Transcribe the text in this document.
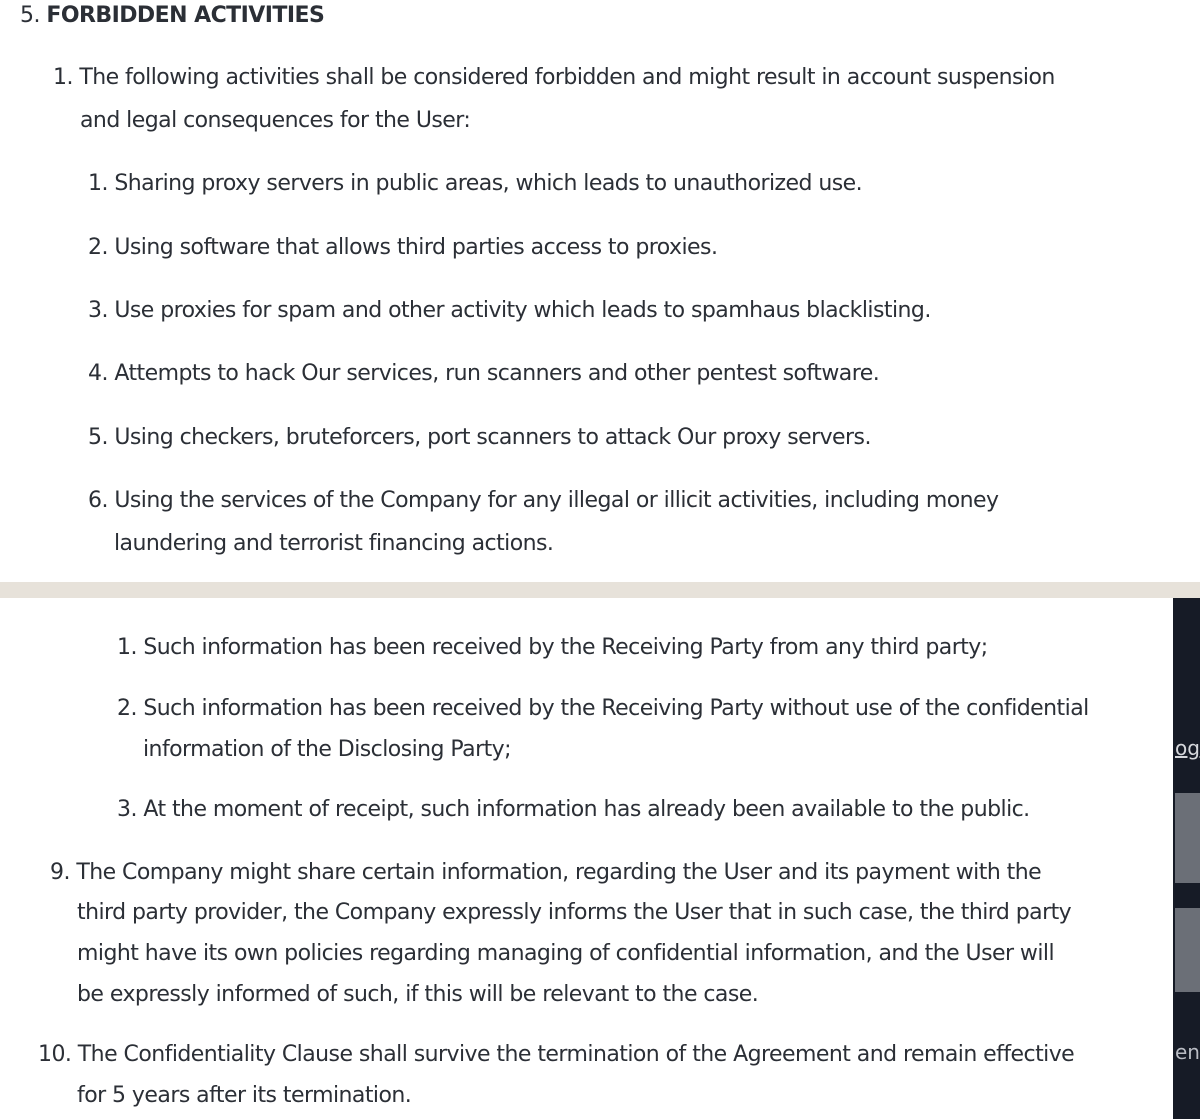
5. FORBIDDEN ACTIVITIES
1. The following activities shall be considered forbidden and might result in account suspension
and legal consequences for the User:
1. Sharing proxy servers in public areas, which leads to unauthorized use.
2. Using software that allows third parties access to proxies.
3. Use proxies for spam and other activity which leads to spamhaus blacklisting.
4. Attempts to hack Our services, run scanners and other pentest software.
5. Using checkers, bruteforcers, port scanners to attack Our proxy servers.
6. Using the services of the Company for any illegal or illicit activities, including money
laundering and terrorist financing actions.
1. Such information has been received by the Receiving Party from any third party;
2. Such information has been received by the Receiving Party without use of the confidential
information of the Disclosing Party;
3. At the moment of receipt, such information has already been available to the public.
9. The Company might share certain information, regarding the User and its payment with the
third party provider, the Company expressly informs the User that in such case, the third party
might have its own policies regarding managing of confidential information, and the User will
be expressly informed of such, if this will be relevant to the case.
10. The Confidentiality Clause shall survive the termination of the Agreement and remain effective
for 5 years after its termination.
og
en
